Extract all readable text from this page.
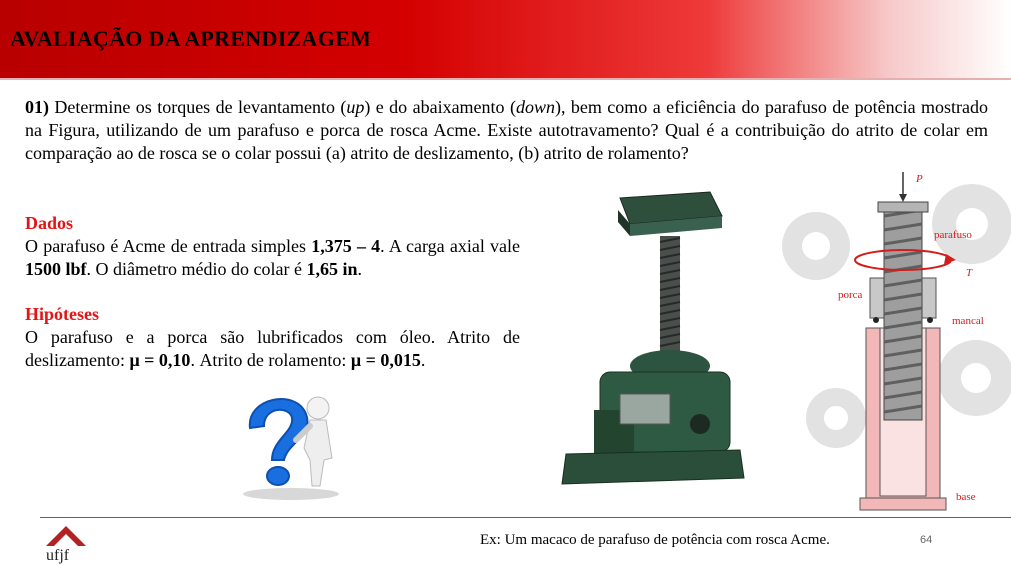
AVALIAÇÃO DA APRENDIZAGEM
01) Determine os torques de levantamento (up) e do abaixamento (down), bem como a eficiência do parafuso de potência mostrado na Figura, utilizando de um parafuso e porca de rosca Acme. Existe autotravamento? Qual é a contribuição do atrito de colar em comparação ao de rosca se o colar possui (a) atrito de deslizamento, (b) atrito de rolamento?
Dados
O parafuso é Acme de entrada simples 1,375 – 4. A carga axial vale 1500 lbf. O diâmetro médio do colar é 1,65 in.
Hipóteses
O parafuso e a porca são lubrificados com óleo. Atrito de deslizamento: μ = 0,10. Atrito de rolamento: μ = 0,015.
P
parafuso
T
porca
mancal
base
ufjf
Ex: Um macaco de parafuso de potência com rosca Acme.	64
